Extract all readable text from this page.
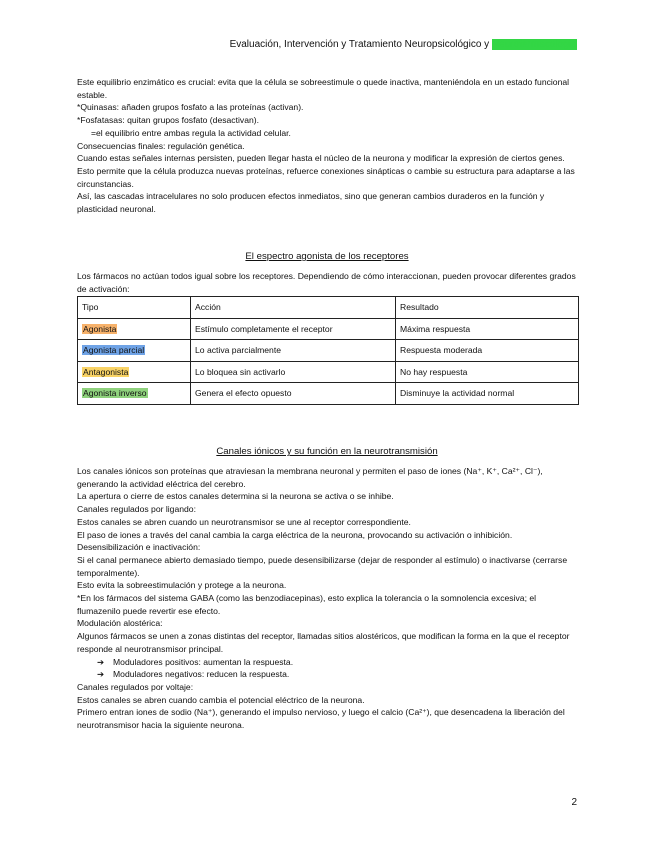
Evaluación, Intervención y Tratamiento Neuropsicológico y Neurofarmacología

Este equilibrio enzimático es crucial: evita que la célula se sobreestimule o quede inactiva, manteniéndola en un estado funcional estable.

*Quinasas: añaden grupos fosfato a las proteínas (activan).

*Fosfatasas: quitan grupos fosfato (desactivan).

=el equilibrio entre ambas regula la actividad celular.

Consecuencias finales: regulación genética.

Cuando estas señales internas persisten, pueden llegar hasta el núcleo de la neurona y modificar la expresión de ciertos genes.

Esto permite que la célula produzca nuevas proteínas, refuerce conexiones sinápticas o cambie su estructura para adaptarse a las circunstancias.

Así, las cascadas intracelulares no solo producen efectos inmediatos, sino que generan cambios duraderos en la función y plasticidad neuronal.

El espectro agonista de los receptores

Los fármacos no actúan todos igual sobre los receptores. Dependiendo de cómo interaccionan, pueden provocar diferentes grados de activación:

Tipo	Acción	Resultado
Agonista	Estímulo completamente el receptor	Máxima respuesta
Agonista parcial	Lo activa parcialmente	Respuesta moderada
Antagonista	Lo bloquea sin activarlo	No hay respuesta
Agonista inverso	Genera el efecto opuesto	Disminuye la actividad normal
Canales iónicos y su función en la neurotransmisión

Los canales iónicos son proteínas que atraviesan la membrana neuronal y permiten el paso de iones (Na⁺, K⁺, Ca²⁺, Cl⁻), generando la actividad eléctrica del cerebro.

La apertura o cierre de estos canales determina si la neurona se activa o se inhibe.

Canales regulados por ligando:

Estos canales se abren cuando un neurotransmisor se une al receptor correspondiente.

El paso de iones a través del canal cambia la carga eléctrica de la neurona, provocando su activación o inhibición.

Desensibilización e inactivación:

Si el canal permanece abierto demasiado tiempo, puede desensibilizarse (dejar de responder al estímulo) o inactivarse (cerrarse temporalmente).

Esto evita la sobreestimulación y protege a la neurona.

*En los fármacos del sistema GABA (como las benzodiacepinas), esto explica la tolerancia o la somnolencia excesiva; el flumazenilo puede revertir ese efecto.

Modulación alostérica:

Algunos fármacos se unen a zonas distintas del receptor, llamadas sitios alostéricos, que modifican la forma en la que el receptor responde al neurotransmisor principal.

➔ Moduladores positivos: aumentan la respuesta.

➔ Moduladores negativos: reducen la respuesta.

Canales regulados por voltaje:

Estos canales se abren cuando cambia el potencial eléctrico de la neurona.

Primero entran iones de sodio (Na⁺), generando el impulso nervioso, y luego el calcio (Ca²⁺), que desencadena la liberación del neurotransmisor hacia la siguiente neurona.

2
